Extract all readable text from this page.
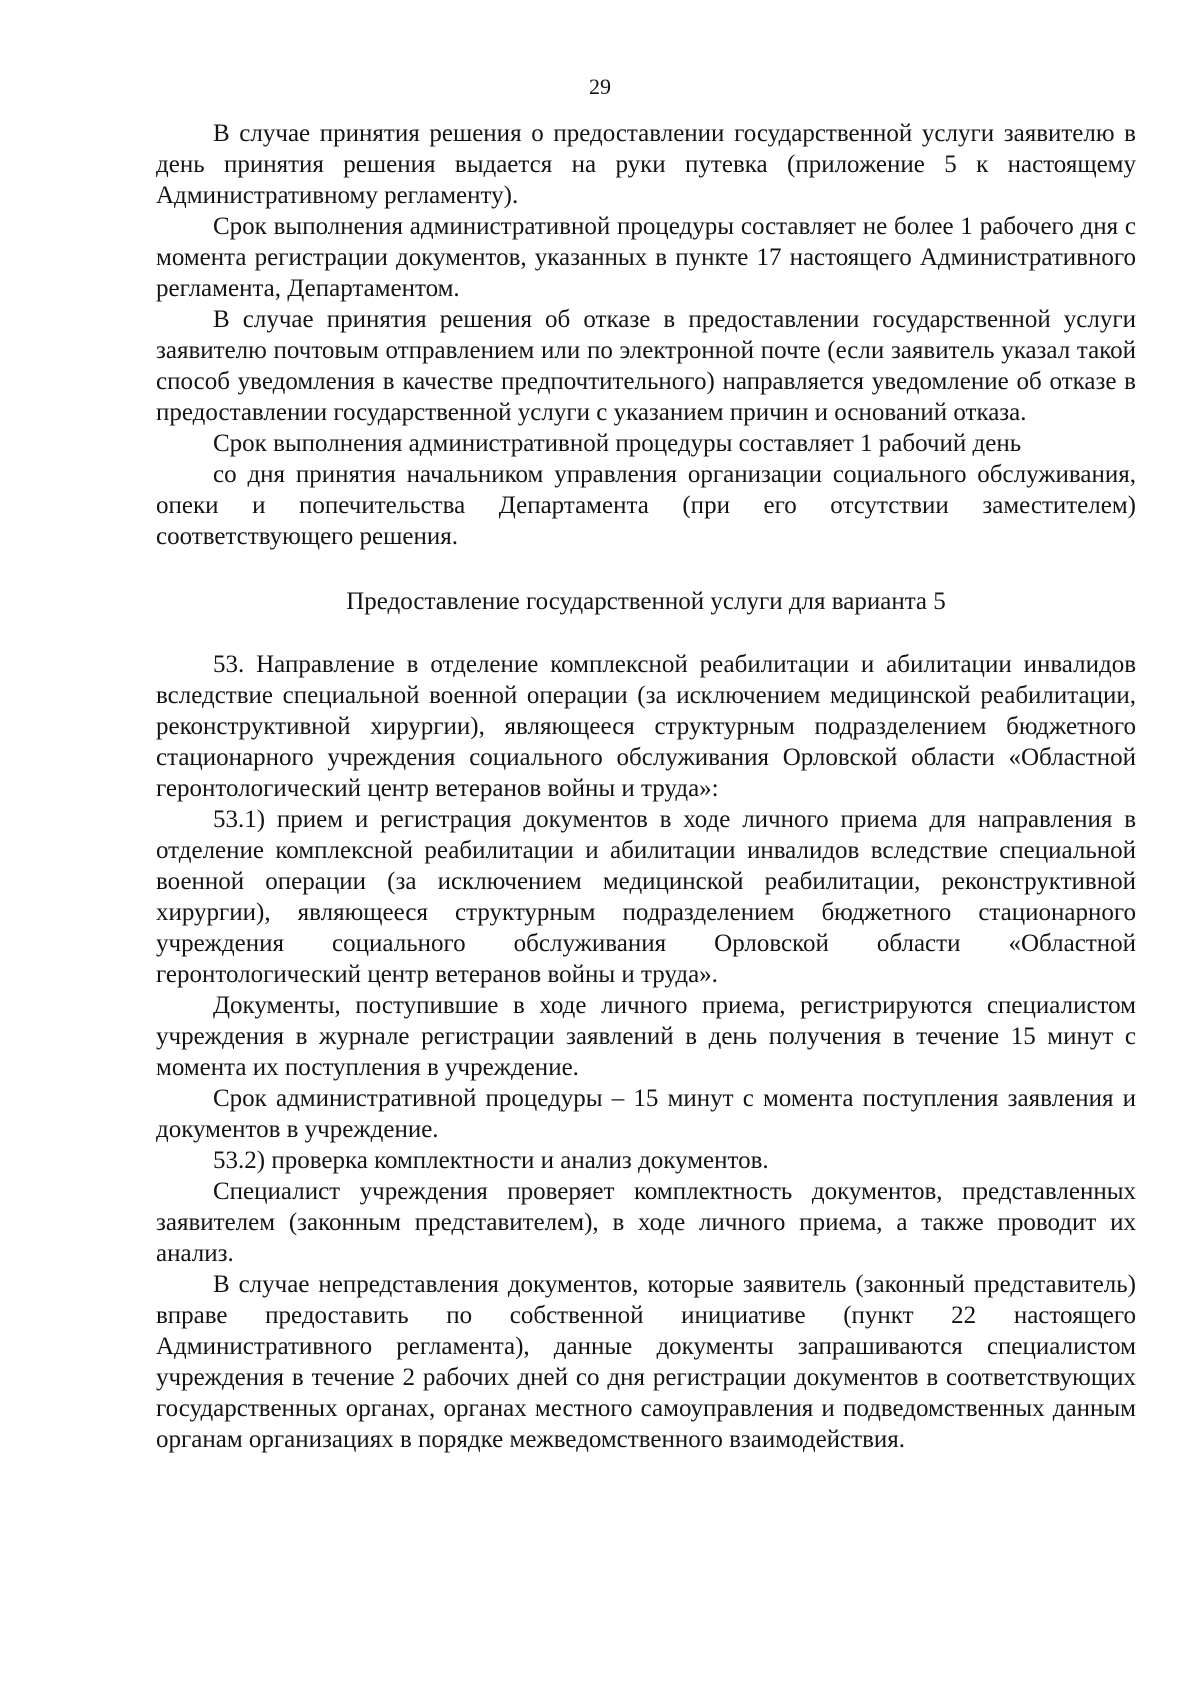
29

В случае принятия решения о предоставлении государственной услуги заявителю в день принятия решения выдается на руки путевка (приложение 5 к настоящему Административному регламенту).

Срок выполнения административной процедуры составляет не более 1 рабочего дня с момента регистрации документов, указанных в пункте 17 настоящего Административного регламента, Департаментом.

В случае принятия решения об отказе в предоставлении государственной услуги заявителю почтовым отправлением или по электронной почте (если заявитель указал такой способ уведомления в качестве предпочтительного) направляется уведомление об отказе в предоставлении государственной услуги с указанием причин и оснований отказа.

Срок выполнения административной процедуры составляет 1 рабочий день

со дня принятия начальником управления организации социального обслуживания, опеки и попечительства Департамента (при его отсутствии заместителем) соответствующего решения.

Предоставление государственной услуги для варианта 5

53. Направление в отделение комплексной реабилитации и абилитации инвалидов вследствие специальной военной операции (за исключением медицинской реабилитации, реконструктивной хирургии), являющееся структурным подразделением бюджетного стационарного учреждения социального обслуживания Орловской области «Областной геронтологический центр ветеранов войны и труда»:

53.1) прием и регистрация документов в ходе личного приема для направления в отделение комплексной реабилитации и абилитации инвалидов вследствие специальной военной операции (за исключением медицинской реабилитации, реконструктивной хирургии), являющееся структурным подразделением бюджетного стационарного учреждения социального обслуживания Орловской области «Областной геронтологический центр ветеранов войны и труда».

Документы, поступившие в ходе личного приема, регистрируются специалистом учреждения в журнале регистрации заявлений в день получения в течение 15 минут с момента их поступления в учреждение.

Срок административной процедуры – 15 минут с момента поступления заявления и документов в учреждение.

53.2) проверка комплектности и анализ документов.

Специалист учреждения проверяет комплектность документов, представленных заявителем (законным представителем), в ходе личного приема, а также проводит их анализ.

В случае непредставления документов, которые заявитель (законный представитель) вправе предоставить по собственной инициативе (пункт 22 настоящего Административного регламента), данные документы запрашиваются специалистом учреждения в течение 2 рабочих дней со дня регистрации документов в соответствующих государственных органах, органах местного самоуправления и подведомственных данным органам организациях в порядке межведомственного взаимодействия.
